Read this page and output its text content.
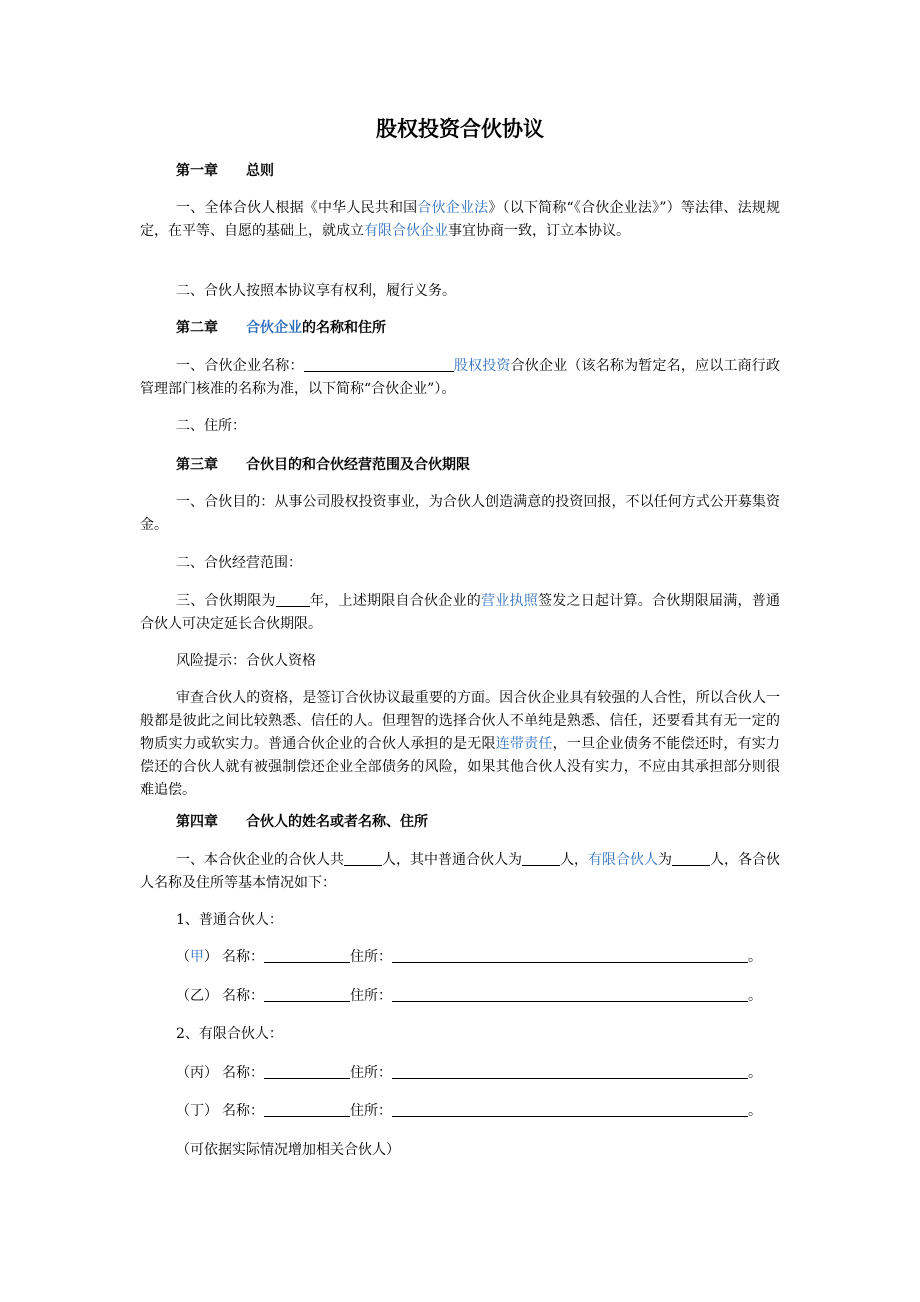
股权投资合伙协议
第一章 总则
一、全体合伙人根据《中华人民共和国合伙企业法》（以下简称“《合伙企业法》”）等法律、法规规定，在平等、自愿的基础上，就成立有限合伙企业事宜协商一致，订立本协议。
二、合伙人按照本协议享有权利，履行义务。
第二章 合伙企业的名称和住所
一、合伙企业名称：	股权投资合伙企业（该名称为暂定名，应以工商行政管理部门核准的名称为准，以下简称“合伙企业”）。
二、住所：
第三章 合伙目的和合伙经营范围及合伙期限
一、合伙目的：从事公司股权投资事业，为合伙人创造满意的投资回报，不以任何方式公开募集资金。
二、合伙经营范围：
三、合伙期限为 年，上述期限自合伙企业的营业执照签发之日起计算。合伙期限届满，普通合伙人可决定延长合伙期限。
风险提示：合伙人资格
审查合伙人的资格，是签订合伙协议最重要的方面。因合伙企业具有较强的人合性，所以合伙人一般都是彼此之间比较熟悉、信任的人。但理智的选择合伙人不单纯是熟悉、信任，还要看其有无一定的物质实力或软实力。普通合伙企业的合伙人承担的是无限连带责任，一旦企业债务不能偿还时，有实力偿还的合伙人就有被强制偿还企业全部债务的风险，如果其他合伙人没有实力，不应由其承担部分则很难追偿。
第四章 合伙人的姓名或者名称、住所
一、本合伙企业的合伙人共	人，其中普通合伙人为	人，有限合伙人为	人，各合伙人名称及住所等基本情况如下：
1、普通合伙人：
（甲） 名称：	住所：	。
（乙） 名称：	住所：	。
2、有限合伙人：
（丙） 名称：	住所：	。
（丁） 名称：	住所：	。
（可依据实际情况增加相关合伙人）
